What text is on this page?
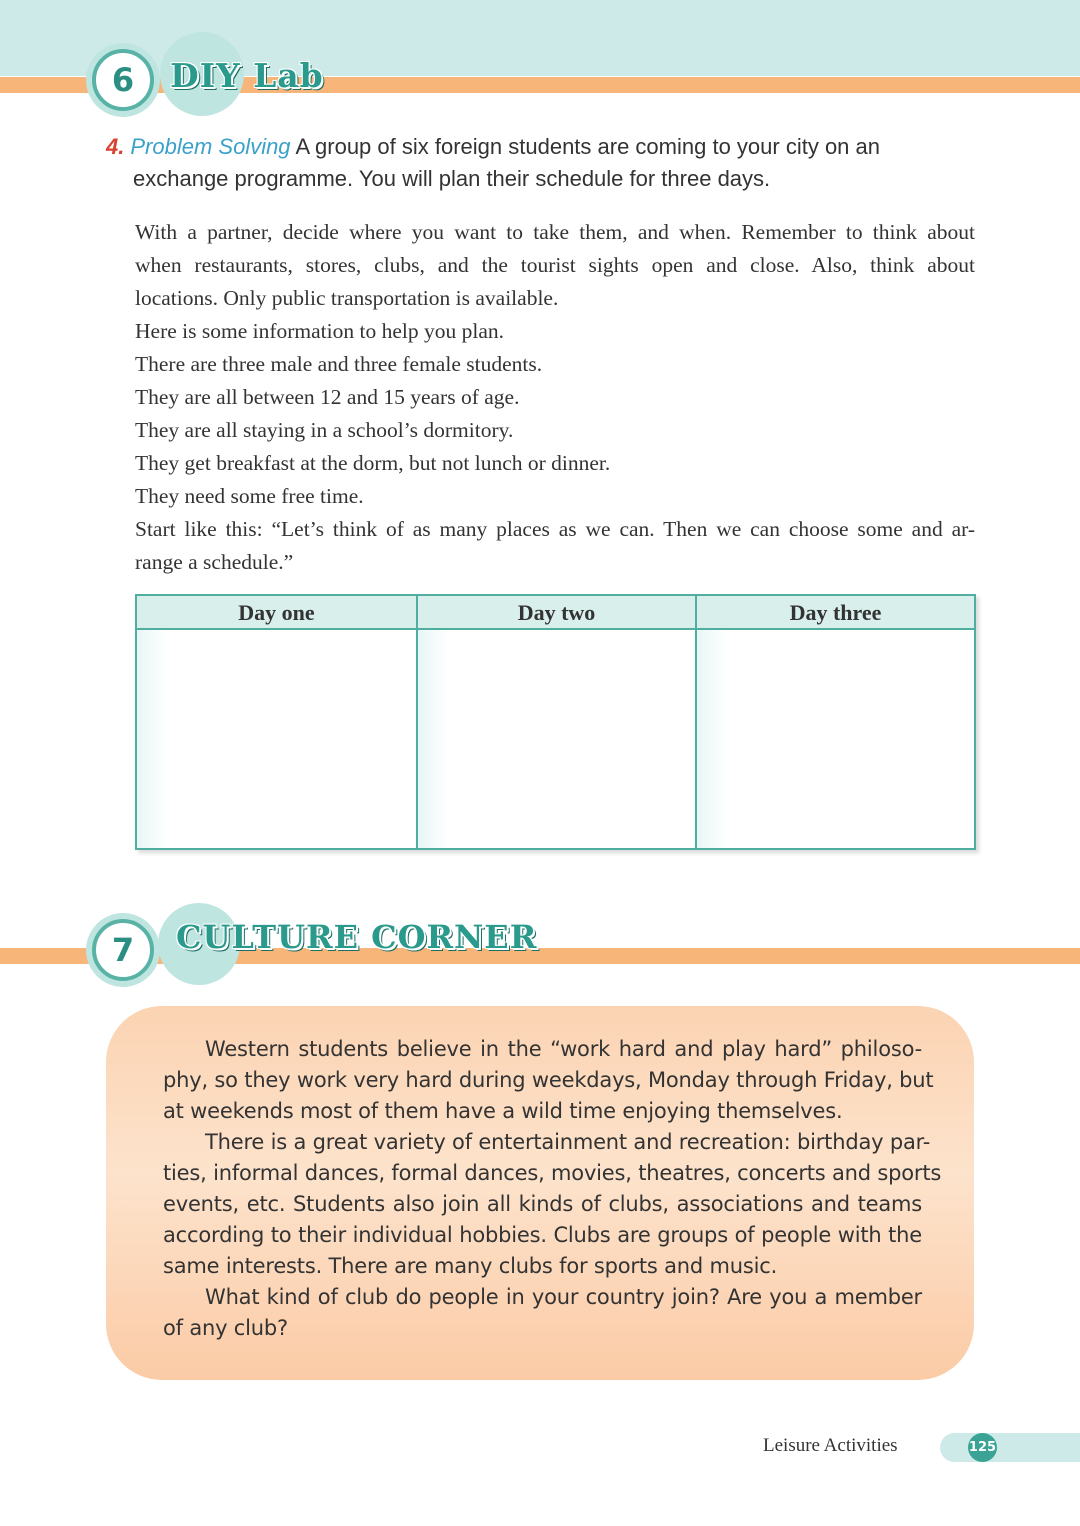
6	DIY Lab
4. Problem Solving A group of six foreign students are coming to your city on an
exchange programme. You will plan their schedule for three days.
With a partner, decide where you want to take them, and when. Remember to think about
when restaurants, stores, clubs, and the tourist sights open and close. Also, think about
locations. Only public transportation is available.
Here is some information to help you plan.
There are three male and three female students.
They are all between 12 and 15 years of age.
They are all staying in a school’s dormitory.
They get breakfast at the dorm, but not lunch or dinner.
They need some free time.
Start like this: “Let’s think of as many places as we can. Then we can choose some and ar-
range a schedule.”
Day one	Day two	Day three
7	CULTURE CORNER
Western students believe in the “work hard and play hard” philoso-
phy, so they work very hard during weekdays, Monday through Friday, but
at weekends most of them have a wild time enjoying themselves.
There is a great variety of entertainment and recreation: birthday par-
ties, informal dances, formal dances, movies, theatres, concerts and sports
events, etc. Students also join all kinds of clubs, associations and teams
according to their individual hobbies. Clubs are groups of people with the
same interests. There are many clubs for sports and music.
What kind of club do people in your country join? Are you a member
of any club?
Leisure Activities	125
